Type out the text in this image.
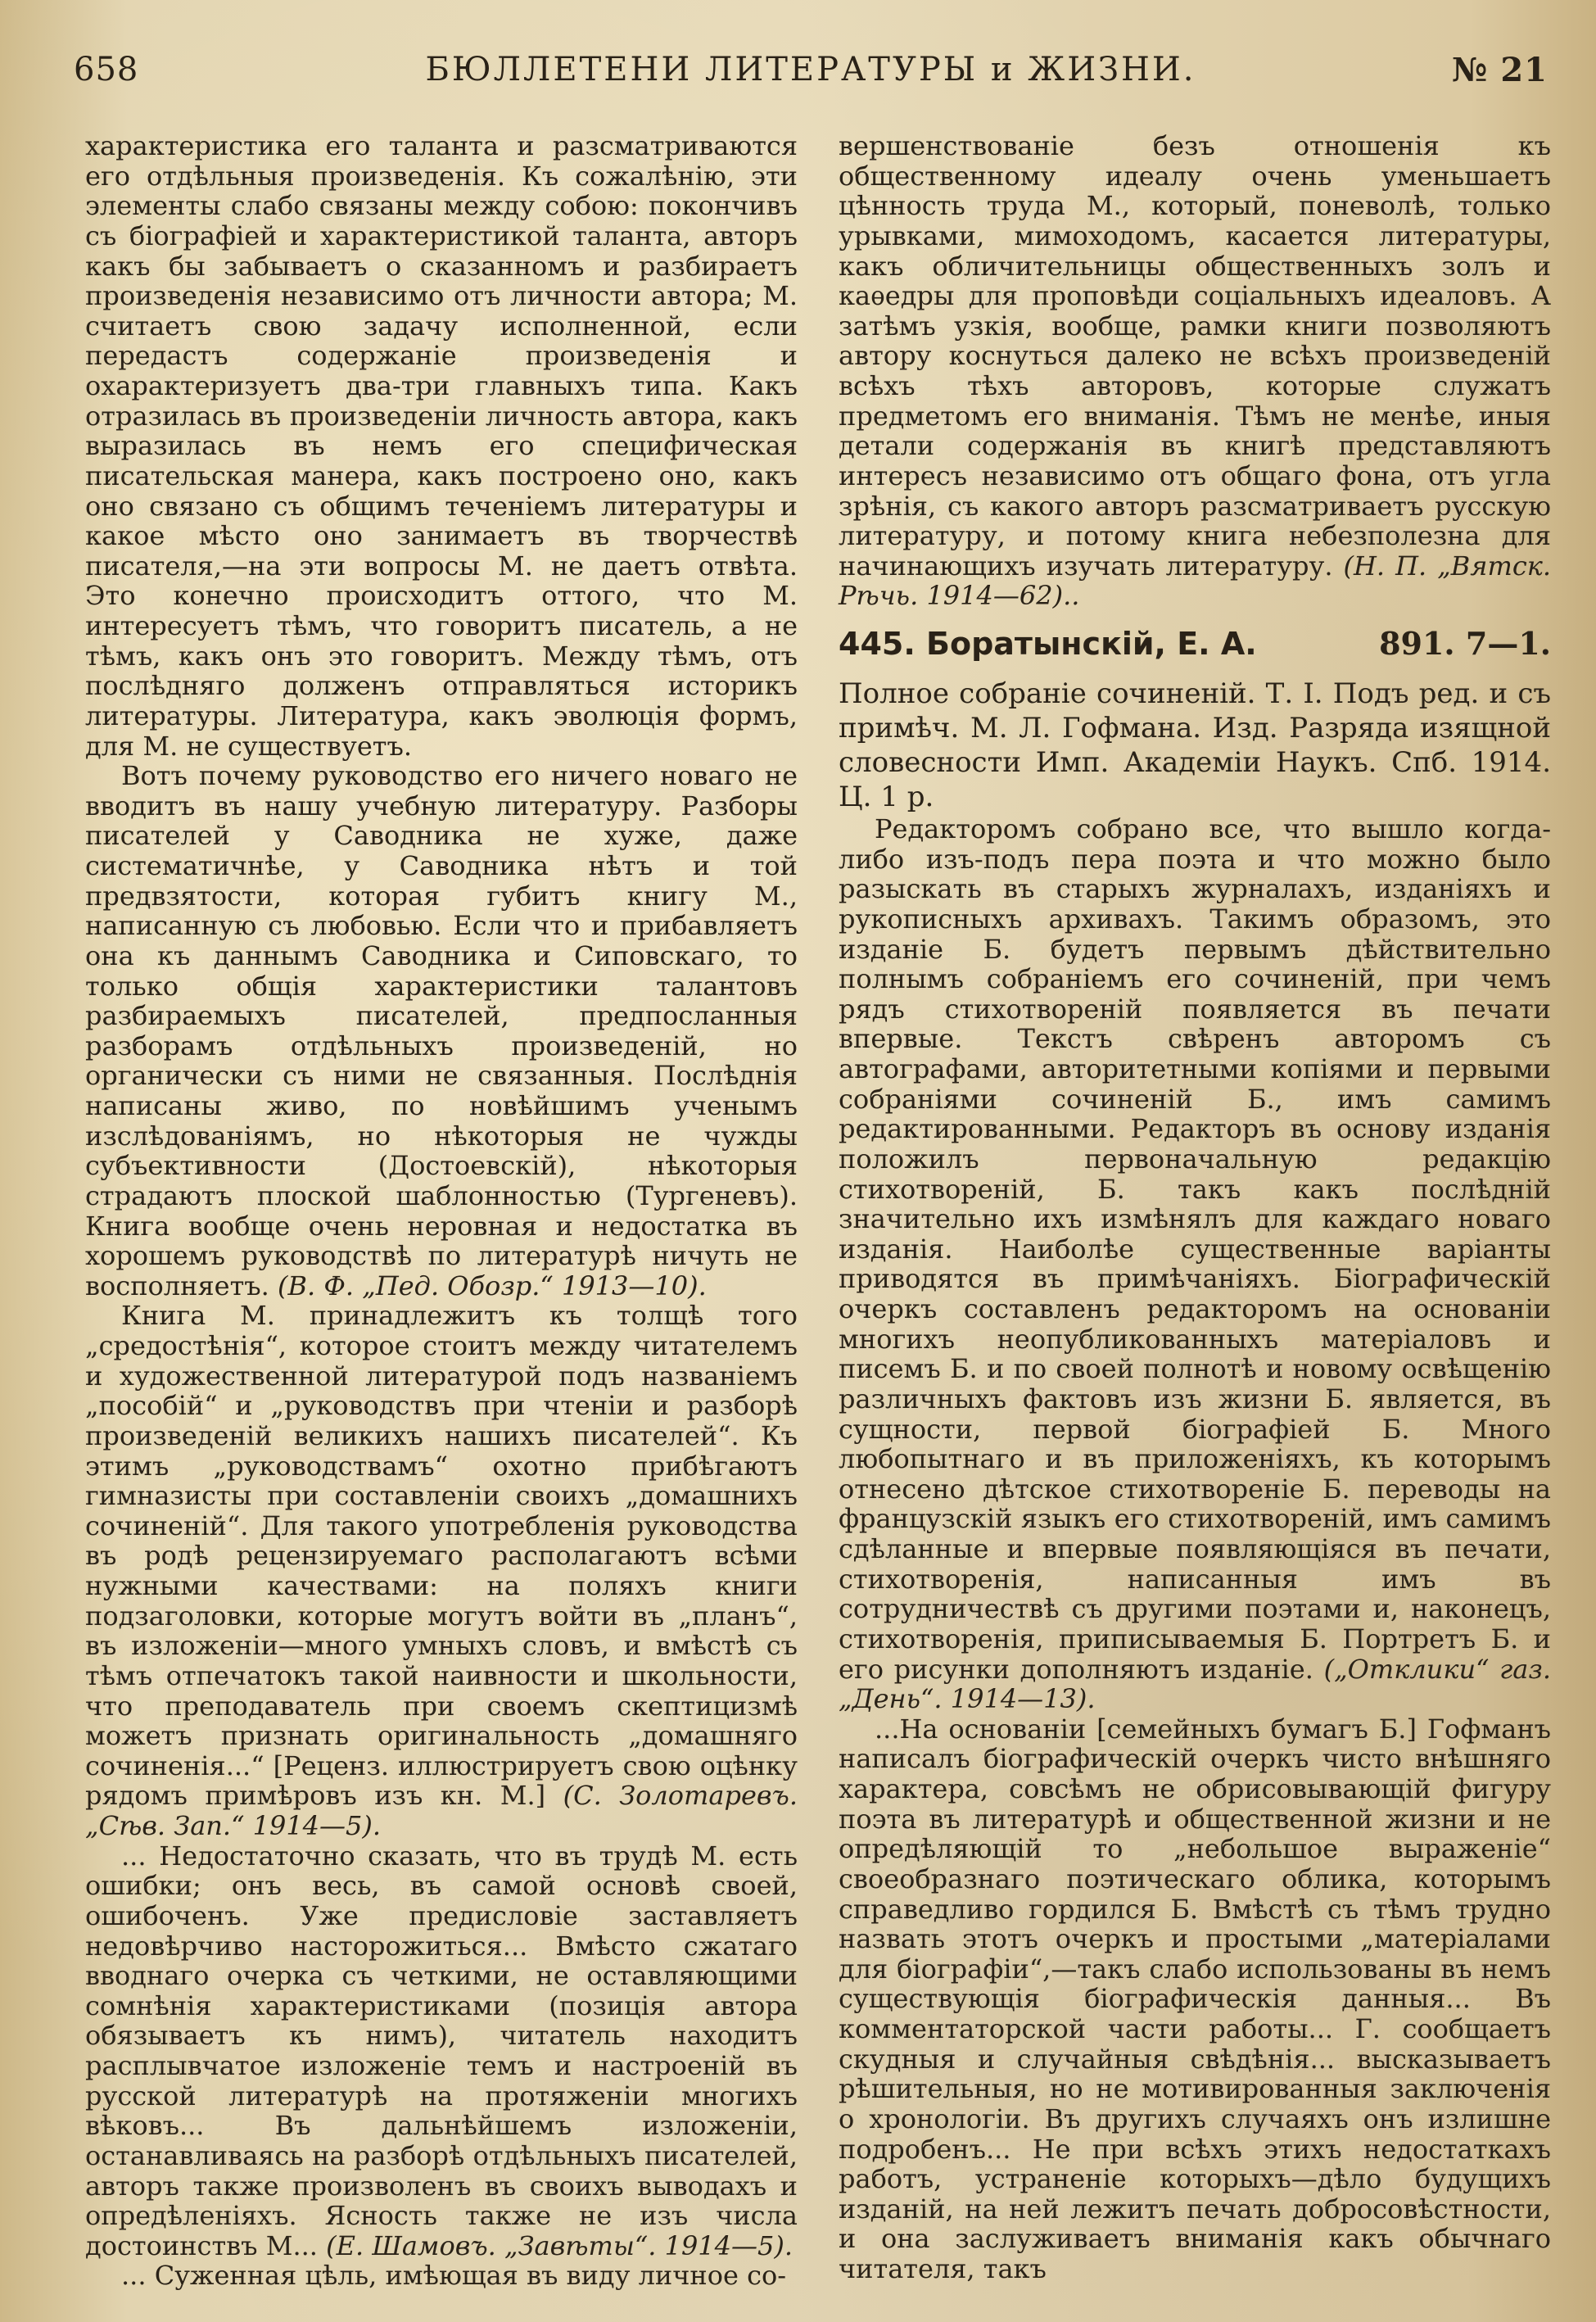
658	БЮЛЛЕТЕНИ ЛИТЕРАТУРЫ и ЖИЗНИ.	№ 21

характеристика его таланта и разсматриваются его отдѣльныя произведенія. Къ сожалѣнію, эти элементы слабо связаны между собою: покончивъ съ біографіей и характеристикой таланта, авторъ какъ бы забываетъ о сказанномъ и разбираетъ произведенія независимо отъ личности автора; М. считаетъ свою задачу исполненной, если передастъ содержаніе произведенія и охарактеризуетъ два-три главныхъ типа. Какъ отразилась въ произведеніи личность автора, какъ выразилась въ немъ его специфическая писательская манера, какъ построено оно, какъ оно связано съ общимъ теченіемъ литературы и какое мѣсто оно занимаетъ въ творчествѣ писателя,—на эти вопросы М. не даетъ отвѣта. Это конечно происходитъ оттого, что М. интересуетъ тѣмъ, что говоритъ писатель, а не тѣмъ, какъ онъ это говоритъ. Между тѣмъ, отъ послѣдняго долженъ отправляться историкъ литературы. Литература, какъ эволюція формъ, для М. не существуетъ.

Вотъ почему руководство его ничего новаго не вводитъ въ нашу учебную литературу. Разборы писателей у Саводника не хуже, даже систематичнѣе, у Саводника нѣтъ и той предвзятости, которая губитъ книгу М., написанную съ любовью. Если что и прибавляетъ она къ даннымъ Саводника и Сиповскаго, то только общія характеристики талантовъ разбираемыхъ писателей, предпосланныя разборамъ отдѣльныхъ произведеній, но органически съ ними не связанныя. Послѣднія написаны живо, по новѣйшимъ ученымъ изслѣдованіямъ, но нѣкоторыя не чужды субъективности (Достоевскій), нѣкоторыя страдаютъ плоской шаблонностью (Тургеневъ). Книга вообще очень неровная и недостатка въ хорошемъ руководствѣ по литературѣ ничуть не восполняетъ. (В. Ф. „Пед. Обозр.“ 1913—10).

Книга М. принадлежитъ къ толщѣ того „средостѣнія“, которое стоитъ между читателемъ и художественной литературой подъ названіемъ „пособій“ и „руководствъ при чтеніи и разборѣ произведеній великихъ нашихъ писателей“. Къ этимъ „руководствамъ“ охотно прибѣгаютъ гимназисты при составленіи своихъ „домашнихъ сочиненій“. Для такого употребленія руководства въ родѣ рецензируемаго располагаютъ всѣми нужными качествами: на поляхъ книги подзаголовки, которые могутъ войти въ „планъ“, въ изложеніи—много умныхъ словъ, и вмѣстѣ съ тѣмъ отпечатокъ такой наивности и школьности, что преподаватель при своемъ скептицизмѣ можетъ признать оригинальность „домашняго сочиненія...“ [Реценз. иллюстрируетъ свою оцѣнку рядомъ примѣровъ изъ кн. М.] (С. Золотаревъ. „Сѣв. Зап.“ 1914—5).

... Недостаточно сказать, что въ трудѣ М. есть ошибки; онъ весь, въ самой основѣ своей, ошибоченъ. Уже предисловіе заставляетъ недовѣрчиво насторожиться... Вмѣсто сжатаго вводнаго очерка съ четкими, не оставляющими сомнѣнія характеристиками (позиція автора обязываетъ къ нимъ), читатель находитъ расплывчатое изложеніе темъ и настроеній въ русской литературѣ на протяженіи многихъ вѣковъ... Въ дальнѣйшемъ изложеніи, останавливаясь на разборѣ отдѣльныхъ писателей, авторъ также произволенъ въ своихъ выводахъ и опредѣленіяхъ. Ясность также не изъ числа достоинствъ М... (Е. Шамовъ. „Завѣты“. 1914—5).

... Суженная цѣль, имѣющая въ виду личное со-

вершенствованіе безъ отношенія къ общественному идеалу очень уменьшаетъ цѣнность труда М., который, поневолѣ, только урывками, мимоходомъ, касается литературы, какъ обличительницы общественныхъ золъ и каѳедры для проповѣди соціальныхъ идеаловъ. А затѣмъ узкія, вообще, рамки книги позволяютъ автору коснуться далеко не всѣхъ произведеній всѣхъ тѣхъ авторовъ, которые служатъ предметомъ его вниманія. Тѣмъ не менѣе, иныя детали содержанія въ книгѣ представляютъ интересъ независимо отъ общаго фона, отъ угла зрѣнія, съ какого авторъ разсматриваетъ русскую литературу, и потому книга небезполезна для начинающихъ изучать литературу. (Н. П. „Вятск. Рѣчь. 1914—62)..

445. Боратынскій, Е. А.	891. 7—1.

Полное собраніе сочиненій. Т. I. Подъ ред. и съ примѣч. М. Л. Гофмана. Изд. Разряда изящной словесности Имп. Академіи Наукъ. Спб. 1914. Ц. 1 р.

Редакторомъ собрано все, что вышло когда-либо изъ-подъ пера поэта и что можно было разыскать въ старыхъ журналахъ, изданіяхъ и рукописныхъ архивахъ. Такимъ образомъ, это изданіе Б. будетъ первымъ дѣйствительно полнымъ собраніемъ его сочиненій, при чемъ рядъ стихотвореній появляется въ печати впервые. Текстъ свѣренъ авторомъ съ автографами, авторитетными копіями и первыми собраніями сочиненій Б., имъ самимъ редактированными. Редакторъ въ основу изданія положилъ первоначальную редакцію стихотвореній, Б. такъ какъ послѣдній значительно ихъ измѣнялъ для каждаго новаго изданія. Наиболѣе существенные варіанты приводятся въ примѣчаніяхъ. Біографическій очеркъ составленъ редакторомъ на основаніи многихъ неопубликованныхъ матеріаловъ и писемъ Б. и по своей полнотѣ и новому освѣщенію различныхъ фактовъ изъ жизни Б. является, въ сущности, первой біографіей Б. Много любопытнаго и въ приложеніяхъ, къ которымъ отнесено дѣтское стихотвореніе Б. переводы на французскій языкъ его стихотвореній, имъ самимъ сдѣланные и впервые появляющіяся въ печати, стихотворенія, написанныя имъ въ сотрудничествѣ съ другими поэтами и, наконецъ, стихотворенія, приписываемыя Б. Портретъ Б. и его рисунки дополняютъ изданіе. („Отклики“ газ. „День“. 1914—13).

...На основаніи [семейныхъ бумагъ Б.] Гофманъ написалъ біографическій очеркъ чисто внѣшняго характера, совсѣмъ не обрисовывающій фигуру поэта въ литературѣ и общественной жизни и не опредѣляющій то „небольшое выраженіе“ своеобразнаго поэтическаго облика, которымъ справедливо гордился Б. Вмѣстѣ съ тѣмъ трудно назвать этотъ очеркъ и простыми „матеріалами для біографіи“,—такъ слабо использованы въ немъ существующія біографическія данныя... Въ комментаторской части работы... Г. сообщаетъ скудныя и случайныя свѣдѣнія... высказываетъ рѣшительныя, но не мотивированныя заключенія о хронологіи. Въ другихъ случаяхъ онъ излишне подробенъ... Не при всѣхъ этихъ недостаткахъ работъ, устраненіе которыхъ—дѣло будущихъ изданій, на ней лежитъ печать добросовѣстности, и она заслуживаетъ вниманія какъ обычнаго читателя, такъ
